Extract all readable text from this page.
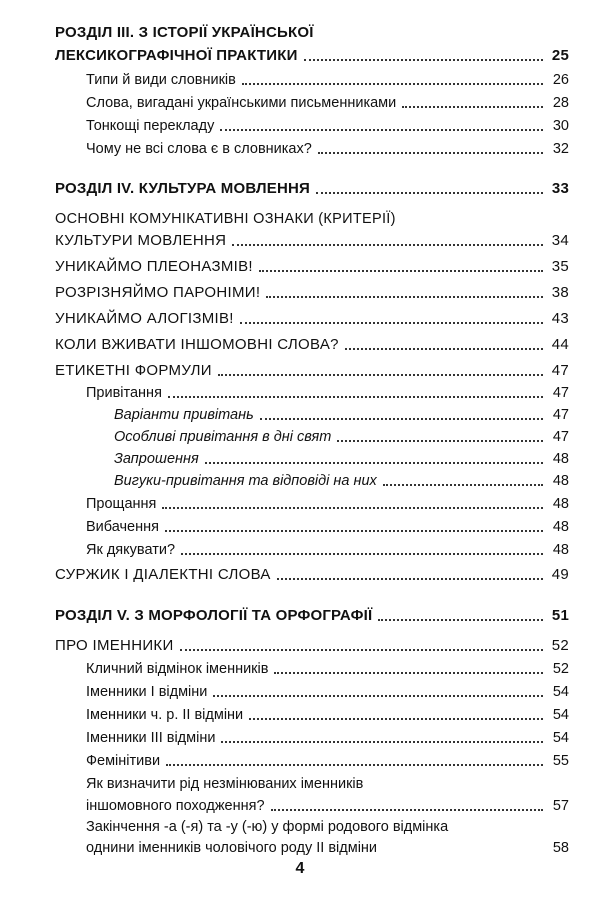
РОЗДІЛ ІІІ. З ІСТОРІЇ УКРАЇНСЬКОЇ
ЛЕКСИКОГРАФІЧНОЇ ПРАКТИКИ	25
Типи й види словників	26
Слова, вигадані українськими письменниками	28
Тонкощі перекладу	30
Чому не всі слова є в словниках?	32
РОЗДІЛ ІV. КУЛЬТУРА МОВЛЕННЯ	33
ОСНОВНІ КОМУНІКАТИВНІ ОЗНАКИ (КРИТЕРІЇ)
КУЛЬТУРИ МОВЛЕННЯ	34
УНИКАЙМО ПЛЕОНАЗМІВ!	35
РОЗРІЗНЯЙМО ПАРОНІМИ!	38
УНИКАЙМО АЛОГІЗМІВ!	43
КОЛИ ВЖИВАТИ ІНШОМОВНІ СЛОВА?	44
ЕТИКЕТНІ ФОРМУЛИ	47
Привітання	47
Варіанти привітань	47
Особливі привітання в дні свят	47
Запрошення	48
Вигуки-привітання та відповіді на них	48
Прощання	48
Вибачення	48
Як дякувати?	48
СУРЖИК І ДІАЛЕКТНІ СЛОВА	49
РОЗДІЛ V. З МОРФОЛОГІЇ ТА ОРФОГРАФІЇ	51
ПРО ІМЕННИКИ	52
Кличний відмінок іменників	52
Іменники І відміни	54
Іменники ч. р. ІІ відміни	54
Іменники ІІІ відміни	54
Фемінітиви	55
Як визначити рід незмінюваних іменників
іншомовного походження?	57
Закінчення -а (-я) та -у (-ю) у формі родового відмінка
однини іменників чоловічого роду ІІ відміни	58
4
